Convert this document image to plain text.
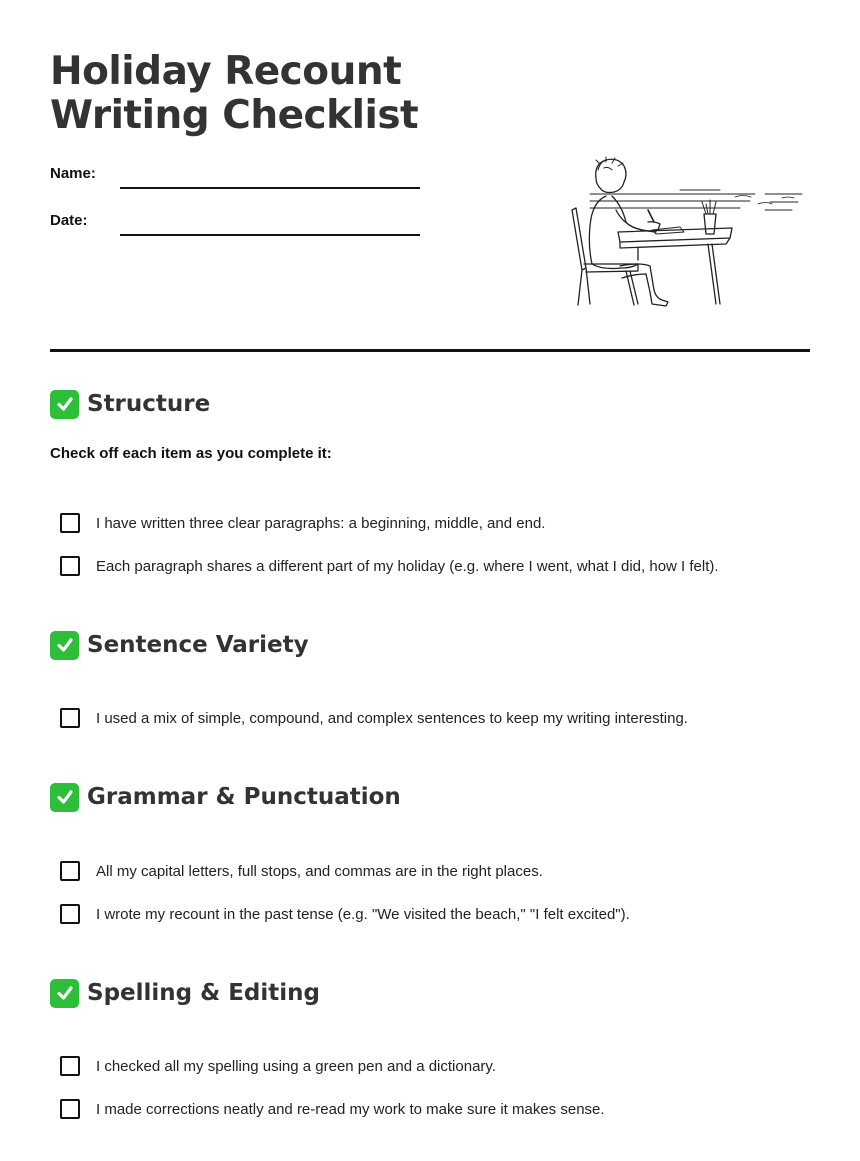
Holiday Recount
Writing Checklist
Name:
Date:
Structure
Check off each item as you complete it:
I have written three clear paragraphs: a beginning, middle, and end.
Each paragraph shares a different part of my holiday (e.g. where I went, what I did, how I felt).
Sentence Variety
I used a mix of simple, compound, and complex sentences to keep my writing interesting.
Grammar & Punctuation
All my capital letters, full stops, and commas are in the right places.
I wrote my recount in the past tense (e.g. "We visited the beach," "I felt excited").
Spelling & Editing
I checked all my spelling using a green pen and a dictionary.
I made corrections neatly and re-read my work to make sure it makes sense.
